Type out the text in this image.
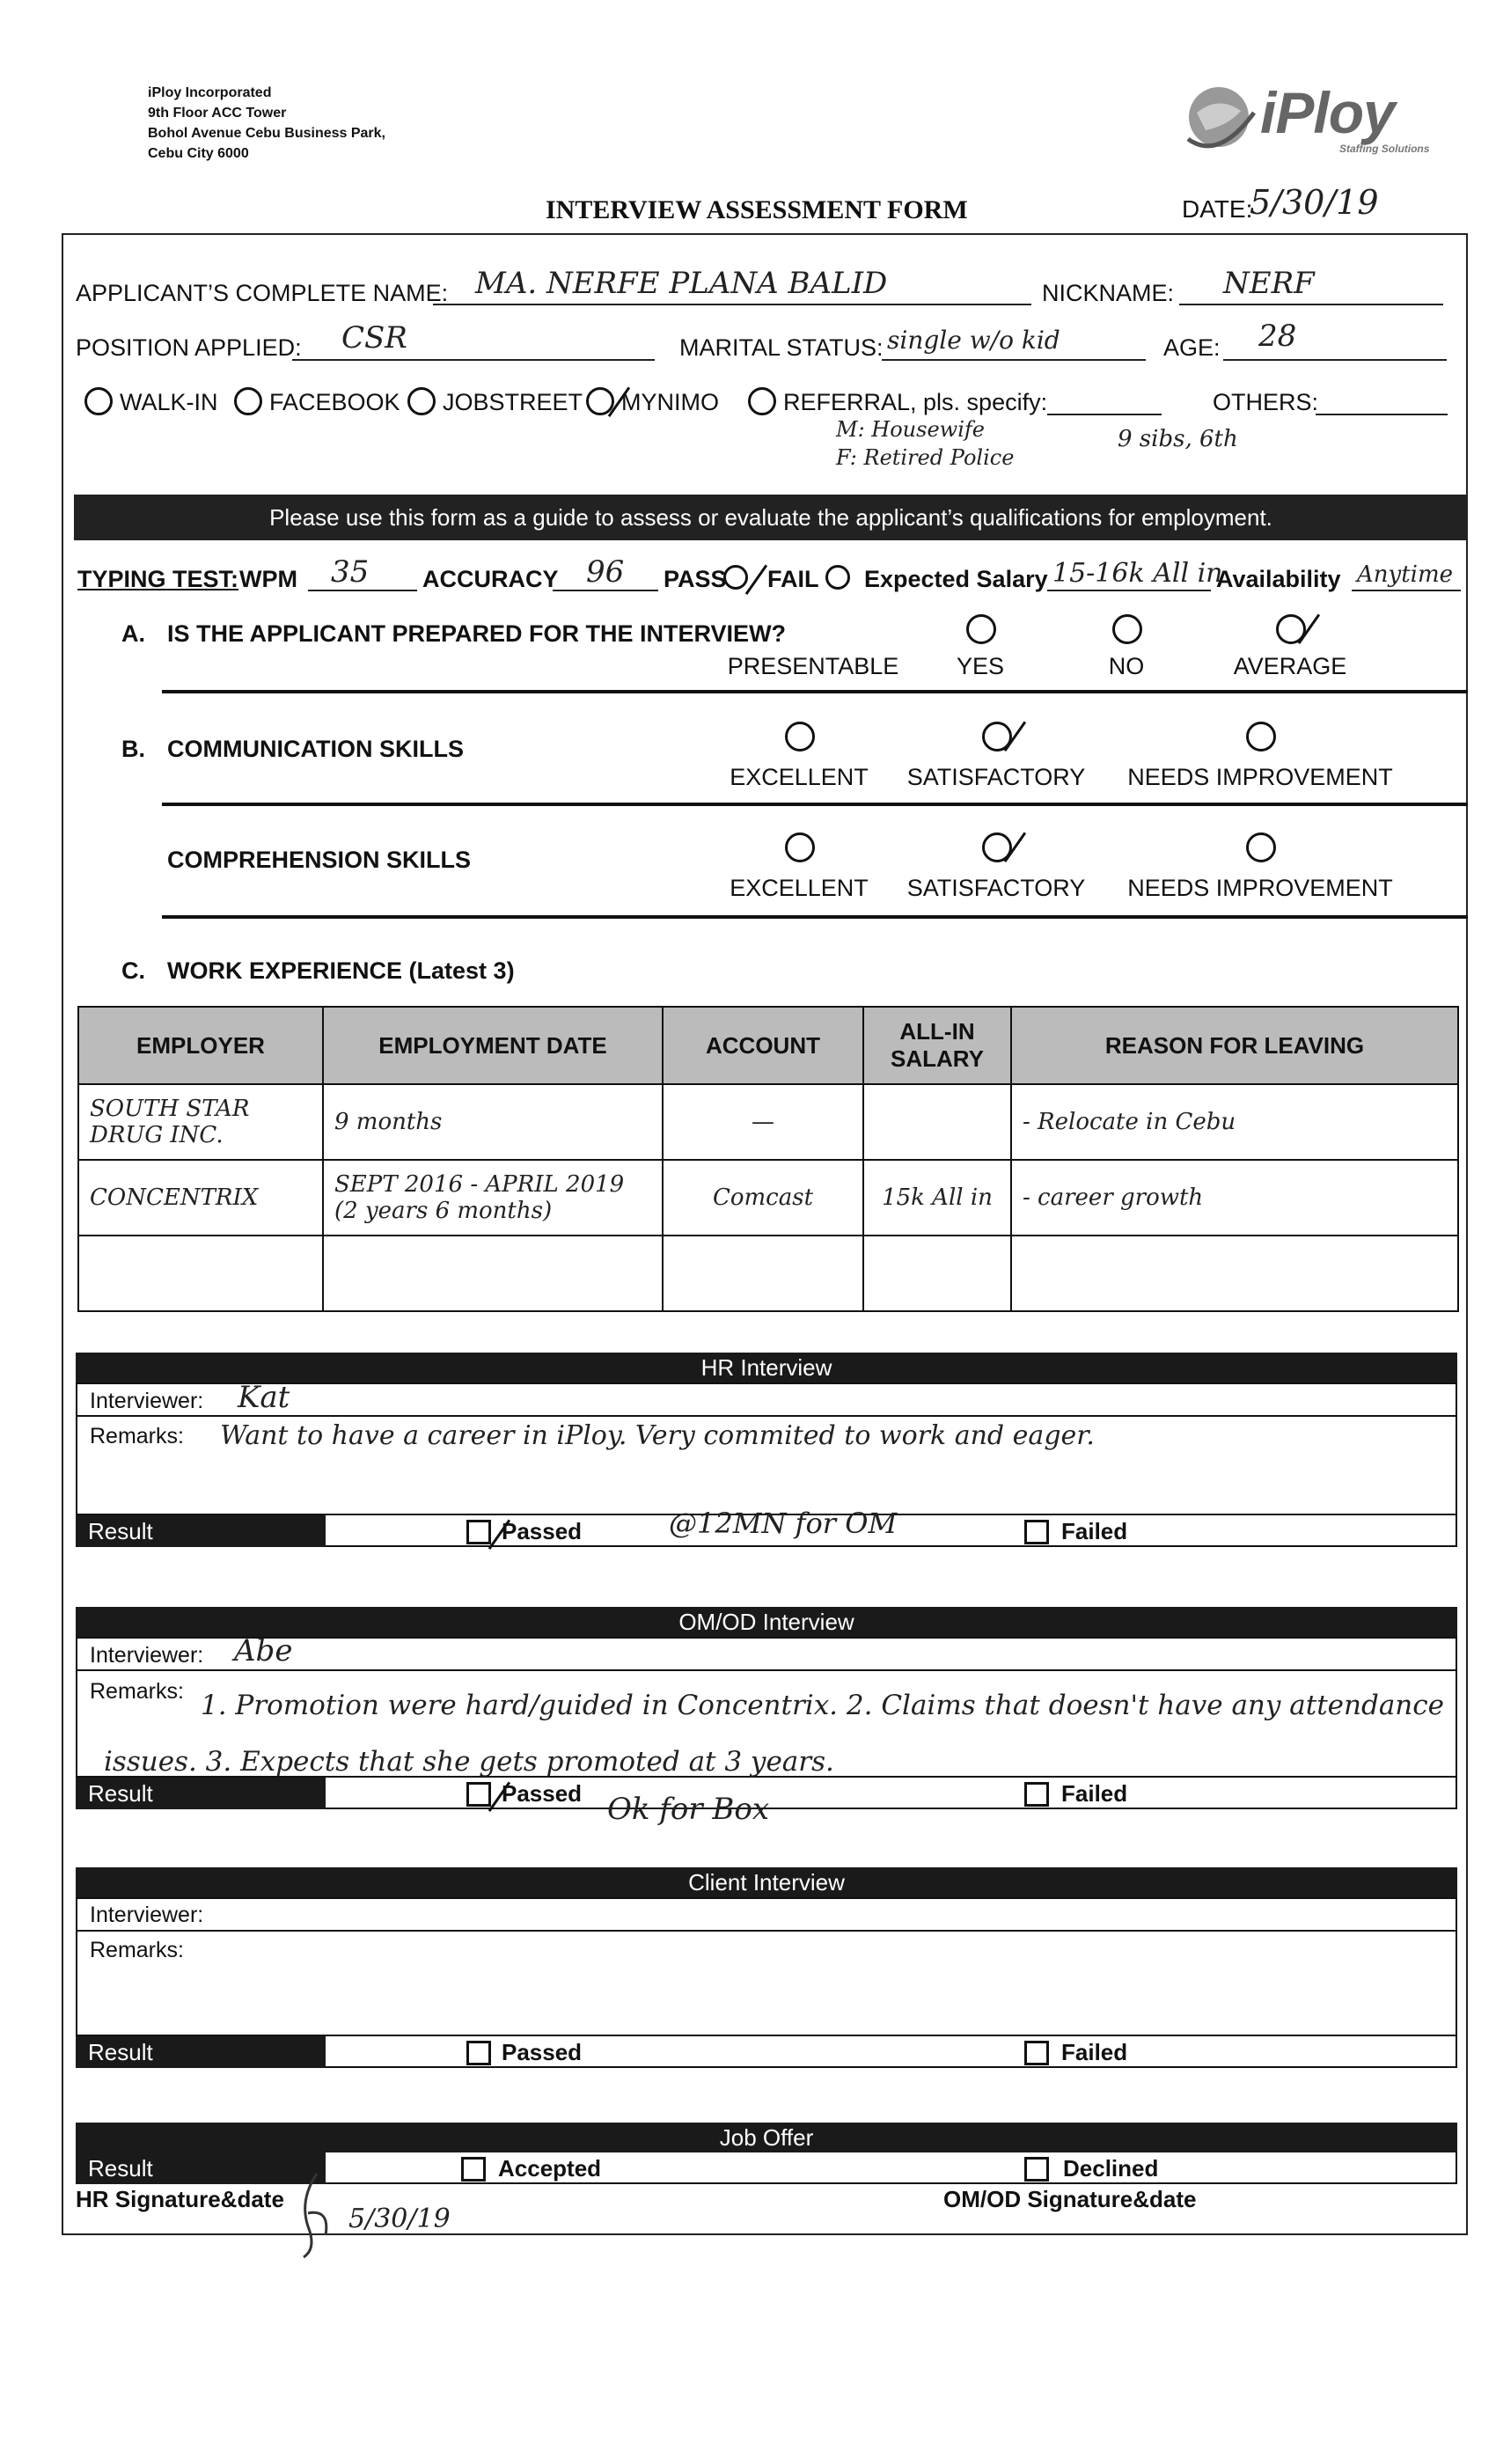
iPloy Incorporated
9th Floor ACC Tower
Bohol Avenue Cebu Business Park,
Cebu City 6000
iPloy
Staffing Solutions
INTERVIEW ASSESSMENT FORM	DATE:
5/30/19
APPLICANT’S COMPLETE NAME: MA. NERFE PLANA BALID	NICKNAME: NERF
POSITION APPLIED: CSR	MARITAL STATUS: single w/o kid	AGE: 28
WALK-IN FACEBOOK JOBSTREET MYNIMO	REFERRAL, pls. specify:	OTHERS:
M: Housewife
F: Retired Police
9 sibs, 6th
Please use this form as a guide to assess or evaluate the applicant’s qualifications for employment.
TYPING TEST: WPM 35 ACCURACY 96 PASS FAIL Expected Salary 15-16k All in
Availability Anytime
A. IS THE APPLICANT PREPARED FOR THE INTERVIEW?
PRESENTABLE YES	NO	AVERAGE
B. COMMUNICATION SKILLS
EXCELLENT SATISFACTORY NEEDS IMPROVEMENT
COMPREHENSION SKILLS
EXCELLENT SATISFACTORY NEEDS IMPROVEMENT
C. WORK EXPERIENCE (Latest 3)
EMPLOYER	EMPLOYMENT DATE	ACCOUNT	ALL-IN SALARY	REASON FOR LEAVING
SOUTH STAR DRUG INC.	9 months	—		- Relocate in Cebu
CONCENTRIX	SEPT 2016 - APRIL 2019 (2 years 6 months)	Comcast	15k All in	- career growth

HR Interview
Interviewer: Kat
Remarks: Want to have a career in iPloy. Very commited to work and eager.
Result	Passed	@12MN for OM	Failed
OM/OD Interview
Interviewer: Abe
Remarks: 1. Promotion were hard/guided in Concentrix. 2. Claims that doesn't have any attendance issues. 3. Expects that she gets promoted at 3 years.
Result	Passed Ok for Box	Failed
Client Interview
Interviewer:
Remarks:
Result	Passed	Failed
Job Offer
Result	Accepted	Declined
HR Signature&date
5/30/19
OM/OD Signature&date
